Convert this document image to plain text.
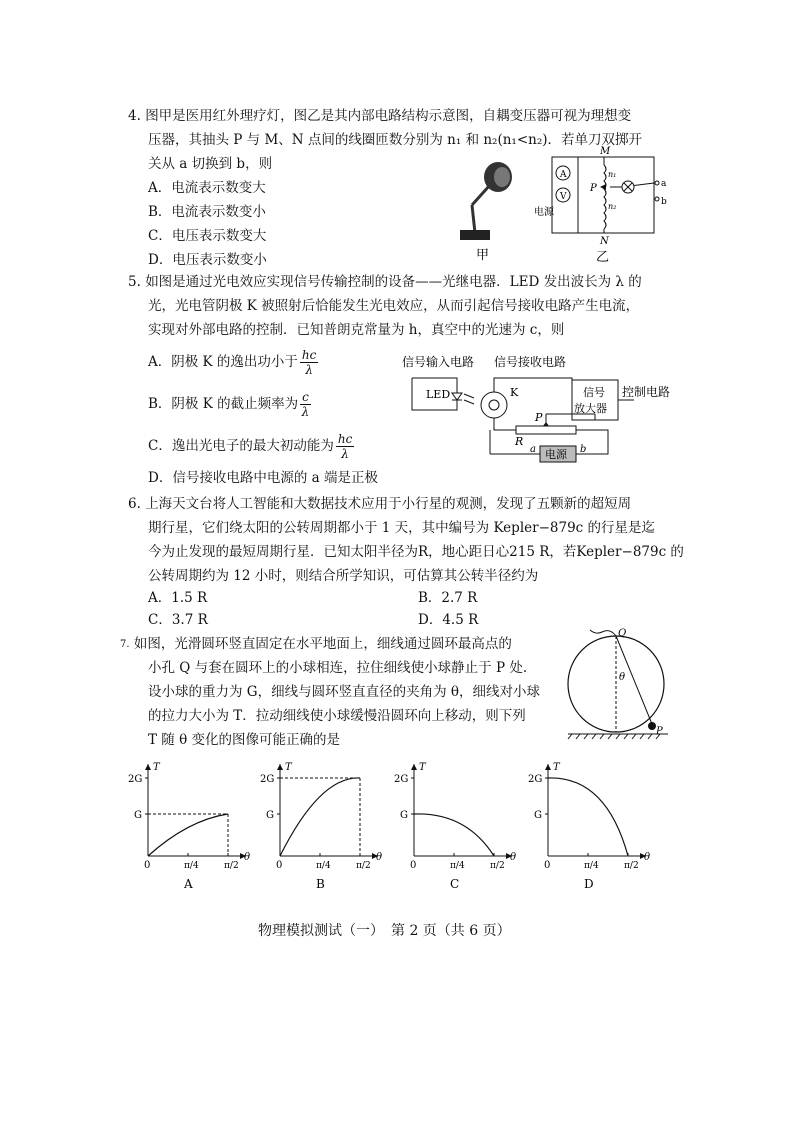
4. 图甲是医用红外理疗灯，图乙是其内部电路结构示意图，自耦变压器可视为理想变
压器，其抽头 P 与 M、N 点间的线圈匝数分别为 n₁ 和 n₂(n₁<n₂)．若单刀双掷开
关从 a 切换到 b，则
A．电流表示数变大
B．电流表示数变小
C．电压表示数变大
D．电压表示数变小	甲
A
V
M
N
P
n₁
n₂
a
b
电源
乙
5. 如图是通过光电效应实现信号传输控制的设备——光继电器．LED 发出波长为 λ 的
光，光电管阴极 K 被照射后恰能发生光电效应，从而引起信号接收电路产生电流，
实现对外部电路的控制．已知普朗克常量为 h，真空中的光速为 c，则
A．阴极 K 的逸出功小于 $\frac{hc}{\lambda}$
B．阴极 K 的截止频率为 $\frac{c}{\lambda}$
C．逸出光电子的最大初动能为 $\frac{hc}{\lambda}$
D．信号接收电路中电源的 a 端是正极
信号输入电路 信号接收电路
LED	K	信号
放大器
控制电路
P
R
a	b
电源
6. 上海天文台将人工智能和大数据技术应用于小行星的观测，发现了五颗新的超短周
期行星，它们绕太阳的公转周期都小于 1 天，其中编号为 Kepler−879c 的行星是迄
今为止发现的最短周期行星．已知太阳半径为R，地心距日心215 R，若Kepler−879c 的
公转周期约为 12 小时，则结合所学知识，可估算其公转半径约为
A．1.5 R	B．2.7 R
C．3.7 R	D．4.5 R
$^{7.}$ 如图，光滑圆环竖直固定在水平地面上，细线通过圆环最高点的
小孔 Q 与套在圆环上的小球相连，拉住细线使小球静止于 P 处.
设小球的重力为 G，细线与圆环竖直直径的夹角为 θ，细线对小球
的拉力大小为 T．拉动细线使小球缓慢沿圆环向上移动，则下列
T 随 θ 变化的图像可能正确的是
Q
P
θ
T
θ
0
2G
G
π/4	π/2
A
T
θ
0
2G
G
π/4	π/2
B
T
θ
0
2G
G
π/4	π/2
C
T
θ
0
2G
G
π/4	π/2
D
物理模拟测试（一）　第 2 页（共 6 页）
